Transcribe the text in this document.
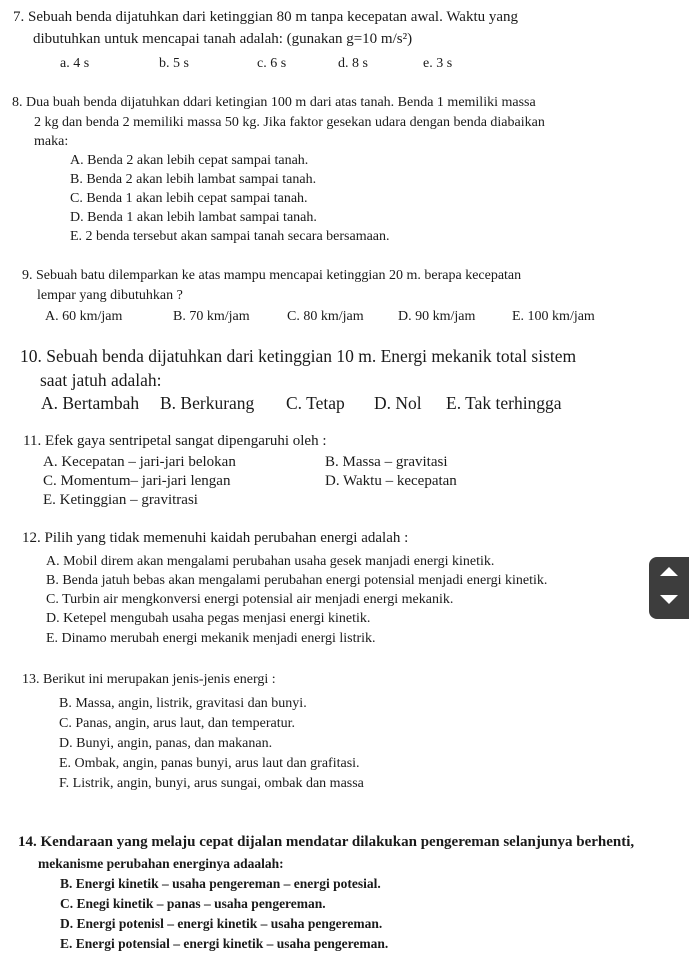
7. Sebuah benda dijatuhkan dari ketinggian 80 m tanpa kecepatan awal. Waktu yang
dibutuhkan untuk mencapai tanah adalah: (gunakan g=10 m/s²)
a. 4 s	b. 5 s	c. 6 s	d. 8 s	e. 3 s
8. Dua buah benda dijatuhkan ddari ketingian 100 m dari atas tanah. Benda 1 memiliki massa
2 kg dan benda 2 memiliki massa 50 kg. Jika faktor gesekan udara dengan benda diabaikan
maka:
A. Benda 2 akan lebih cepat sampai tanah.
B. Benda 2 akan lebih lambat sampai tanah.
C. Benda 1 akan lebih cepat sampai tanah.
D. Benda 1 akan lebih lambat sampai tanah.
E. 2 benda tersebut akan sampai tanah secara bersamaan.
9. Sebuah batu dilemparkan ke atas mampu mencapai ketinggian 20 m. berapa kecepatan
lempar yang dibutuhkan ?
A. 60 km/jam	B. 70 km/jam	C. 80 km/jam D. 90 km/jam	E. 100 km/jam
10. Sebuah benda dijatuhkan dari ketinggian 10 m. Energi mekanik total sistem
saat jatuh adalah:
A. Bertambah B. Berkurang C. Tetap D. Nol E. Tak terhingga
11. Efek gaya sentripetal sangat dipengaruhi oleh :
A. Kecepatan – jari-jari belokan	B. Massa – gravitasi
C. Momentum– jari-jari lengan	D. Waktu – kecepatan
E. Ketinggian – gravitrasi
12. Pilih yang tidak memenuhi kaidah perubahan energi adalah :
A. Mobil direm akan mengalami perubahan usaha gesek manjadi energi kinetik.
B. Benda jatuh bebas akan mengalami perubahan energi potensial menjadi energi kinetik.
C. Turbin air mengkonversi energi potensial air menjadi energi mekanik.
D. Ketepel mengubah usaha pegas menjasi energi kinetik.
E. Dinamo merubah energi mekanik menjadi energi listrik.
13. Berikut ini merupakan jenis-jenis energi :
B. Massa, angin, listrik, gravitasi dan bunyi.
C. Panas, angin, arus laut, dan temperatur.
D. Bunyi, angin, panas, dan makanan.
E. Ombak, angin, panas bunyi, arus laut dan grafitasi.
F. Listrik, angin, bunyi, arus sungai, ombak dan massa
14. Kendaraan yang melaju cepat dijalan mendatar dilakukan pengereman selanjunya berhenti,
mekanisme perubahan energinya adaalah:
B. Energi kinetik – usaha pengereman – energi potesial.
C. Enegi kinetik – panas – usaha pengereman.
D. Energi potenisl – energi kinetik – usaha pengereman.
E. Energi potensial – energi kinetik – usaha pengereman.
